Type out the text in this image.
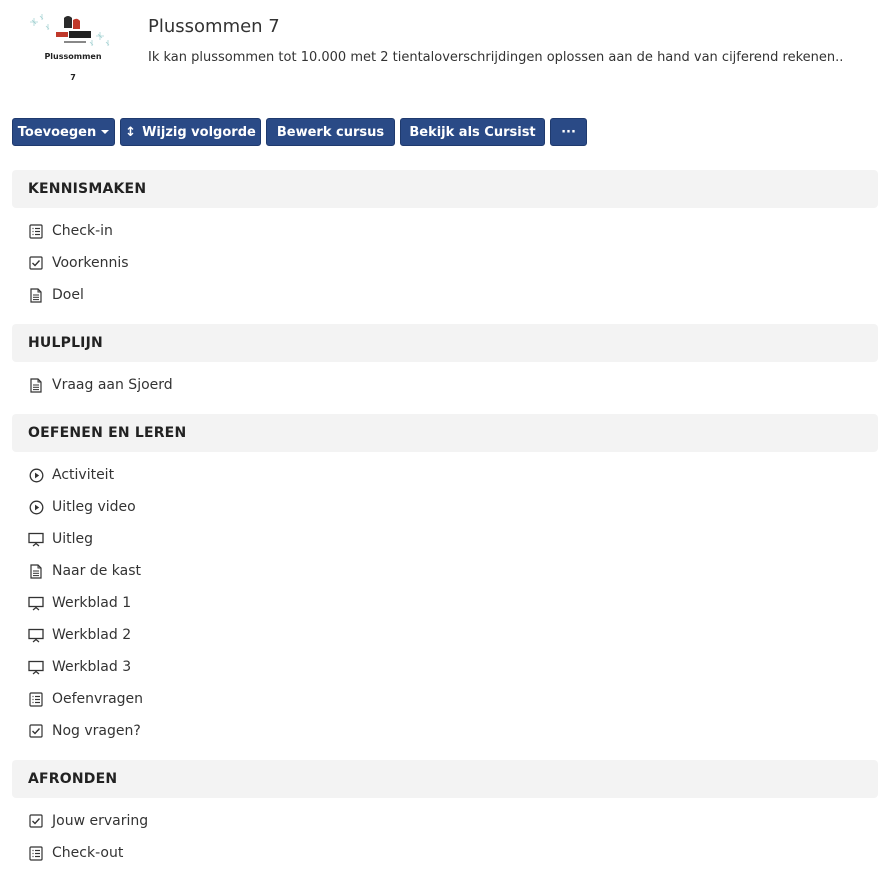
Plussommen
7
Plussommen 7
Ik kan plussommen tot 10.000 met 2 tientaloverschrijdingen oplossen aan de hand van cijferend rekenen..
Toevoegen ↕ Wijzig volgorde Bewerk cursus Bekijk als Cursist ···
KENNISMAKEN
Check-in
Voorkennis
Doel
HULPLIJN
Vraag aan Sjoerd
OEFENEN EN LEREN
Activiteit
Uitleg video
Uitleg
Naar de kast
Werkblad 1
Werkblad 2
Werkblad 3
Oefenvragen
Nog vragen?
AFRONDEN
Jouw ervaring
Check-out
